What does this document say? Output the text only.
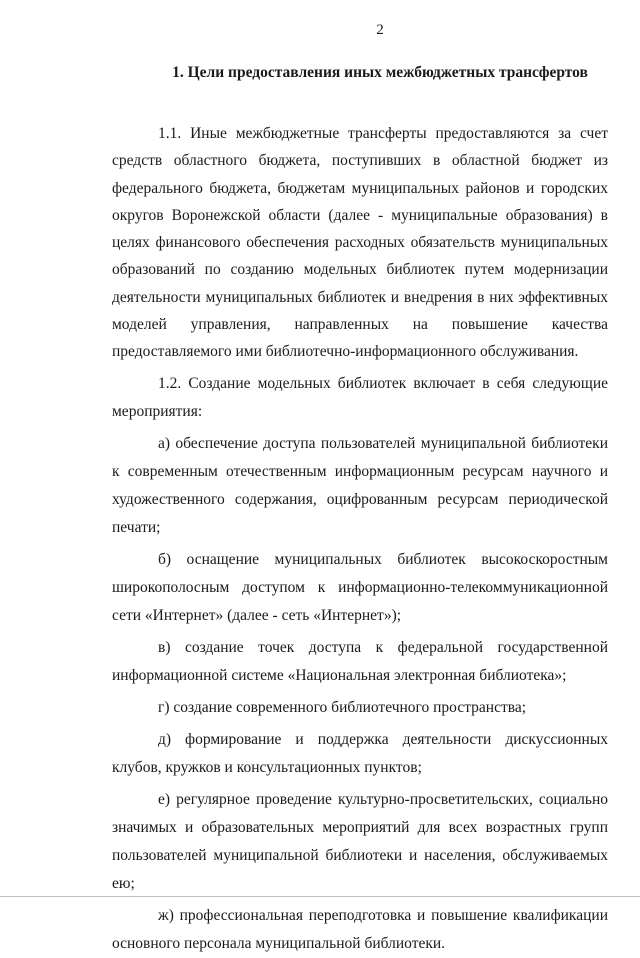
2
1. Цели предоставления иных межбюджетных трансфертов

1.1. Иные межбюджетные трансферты предоставляются за счет средств областного бюджета, поступивших в областной бюджет из федерального бюджета, бюджетам муниципальных районов и городских округов Воронежской области (далее - муниципальные образования) в целях финансового обеспечения расходных обязательств муниципальных образований по созданию модельных библиотек путем модернизации деятельности муниципальных библиотек и внедрения в них эффективных моделей управления, направленных на повышение качества предоставляемого ими библиотечно-информационного обслуживания.

1.2. Создание модельных библиотек включает в себя следующие мероприятия:

а) обеспечение доступа пользователей муниципальной библиотеки к современным отечественным информационным ресурсам научного и художественного содержания, оцифрованным ресурсам периодической печати;

б) оснащение муниципальных библиотек высокоскоростным широкополосным доступом к информационно-телекоммуникационной сети «Интернет» (далее - сеть «Интернет»);

в) создание точек доступа к федеральной государственной информационной системе «Национальная электронная библиотека»;

г) создание современного библиотечного пространства;

д) формирование и поддержка деятельности дискуссионных клубов, кружков и консультационных пунктов;

е) регулярное проведение культурно-просветительских, социально значимых и образовательных мероприятий для всех возрастных групп пользователей муниципальной библиотеки и населения, обслуживаемых ею;

ж) профессиональная переподготовка и повышение квалификации основного персонала муниципальной библиотеки.
